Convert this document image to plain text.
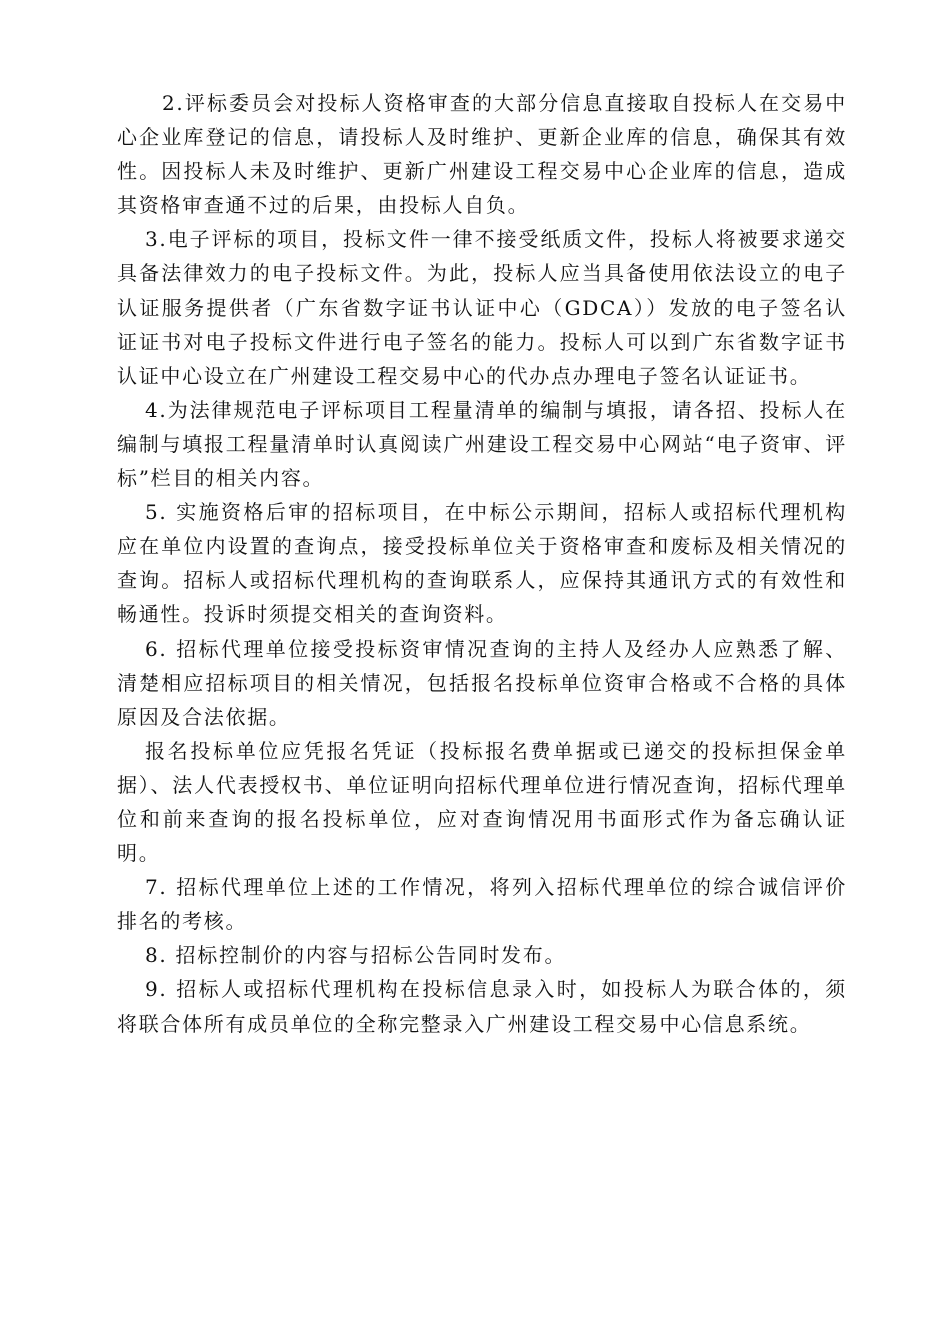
2.评标委员会对投标人资格审查的大部分信息直接取自投标人在交易中心企业库登记的信息，请投标人及时维护、更新企业库的信息，确保其有效性。因投标人未及时维护、更新广州建设工程交易中心企业库的信息，造成其资格审查通不过的后果，由投标人自负。

3.电子评标的项目，投标文件一律不接受纸质文件，投标人将被要求递交具备法律效力的电子投标文件。为此，投标人应当具备使用依法设立的电子认证服务提供者（广东省数字证书认证中心（GDCA））发放的电子签名认证证书对电子投标文件进行电子签名的能力。投标人可以到广东省数字证书认证中心设立在广州建设工程交易中心的代办点办理电子签名认证证书。

4.为法律规范电子评标项目工程量清单的编制与填报，请各招、投标人在编制与填报工程量清单时认真阅读广州建设工程交易中心网站“电子资审、评标”栏目的相关内容。

5. 实施资格后审的招标项目，在中标公示期间，招标人或招标代理机构应在单位内设置的查询点，接受投标单位关于资格审查和废标及相关情况的查询。招标人或招标代理机构的查询联系人，应保持其通讯方式的有效性和畅通性。投诉时须提交相关的查询资料。

6. 招标代理单位接受投标资审情况查询的主持人及经办人应熟悉了解、清楚相应招标项目的相关情况，包括报名投标单位资审合格或不合格的具体原因及合法依据。

报名投标单位应凭报名凭证（投标报名费单据或已递交的投标担保金单据）、法人代表授权书、单位证明向招标代理单位进行情况查询，招标代理单位和前来查询的报名投标单位，应对查询情况用书面形式作为备忘确认证明。

7. 招标代理单位上述的工作情况，将列入招标代理单位的综合诚信评价排名的考核。

8. 招标控制价的内容与招标公告同时发布。

9. 招标人或招标代理机构在投标信息录入时，如投标人为联合体的，须将联合体所有成员单位的全称完整录入广州建设工程交易中心信息系统。
